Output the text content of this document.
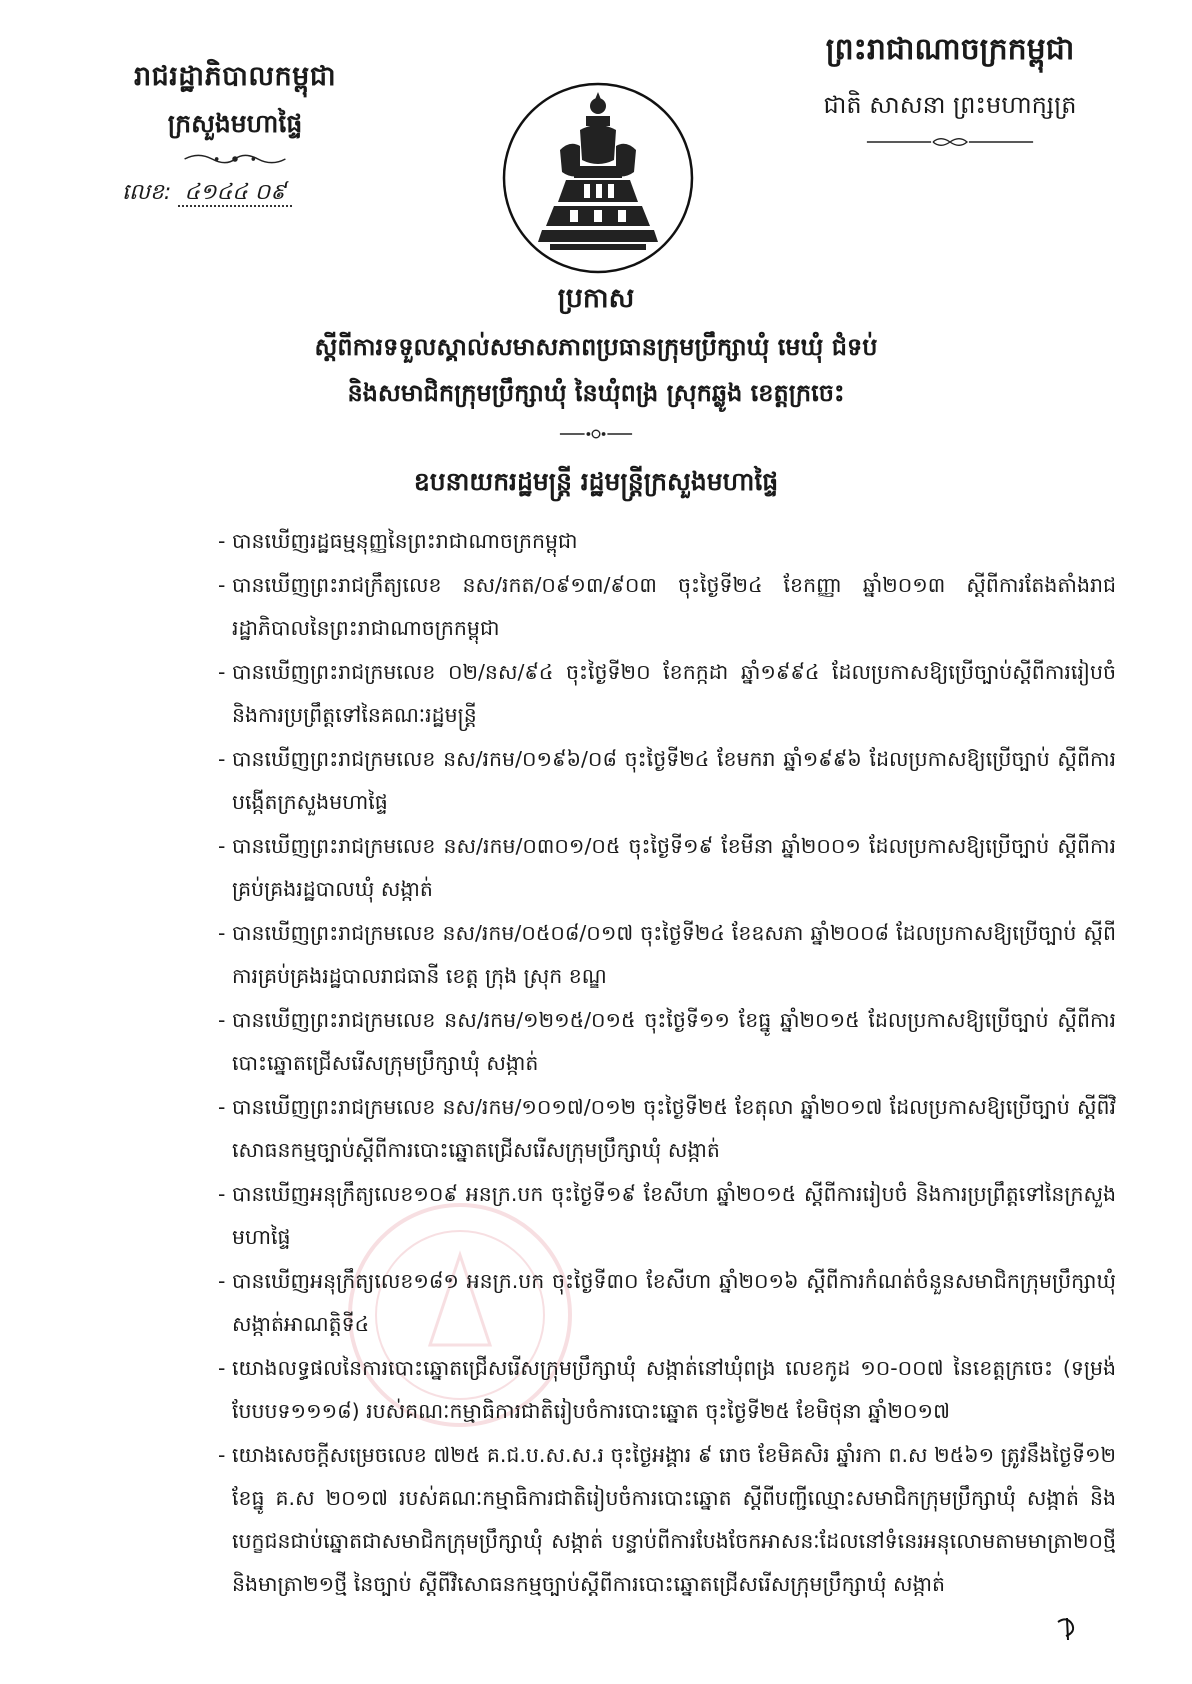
រាជរដ្ឋាភិបាលកម្ពុជា
ក្រសួងមហាផ្ទៃ
លេខ: ៤១៤៤ ០៩
ព្រះរាជាណាចក្រកម្ពុជា
ជាតិ សាសនា ព្រះមហាក្សត្រ
ប្រកាស
ស្តីពីការទទួលស្គាល់សមាសភាពប្រធានក្រុមប្រឹក្សាឃុំ មេឃុំ ជំទប់
និងសមាជិកក្រុមប្រឹក្សាឃុំ នៃឃុំពង្រ ស្រុកឆ្លូង ខេត្តក្រចេះ
ឧបនាយករដ្ឋមន្ត្រី រដ្ឋមន្ត្រីក្រសួងមហាផ្ទៃ
- បានឃើញរដ្ឋធម្មនុញ្ញនៃព្រះរាជាណាចក្រកម្ពុជា
- បានឃើញព្រះរាជក្រឹត្យលេខ នស/រកត/០៩១៣/៩០៣ ចុះថ្ងៃទី២៤ ខែកញ្ញា ឆ្នាំ២០១៣ ស្តីពីការតែងតាំងរាជរដ្ឋាភិបាលនៃព្រះរាជាណាចក្រកម្ពុជា
- បានឃើញព្រះរាជក្រមលេខ ០២/នស/៩៤ ចុះថ្ងៃទី២០ ខែកក្កដា ឆ្នាំ១៩៩៤ ដែលប្រកាសឱ្យប្រើច្បាប់ស្តីពីការរៀបចំ និងការប្រព្រឹត្តទៅនៃគណៈរដ្ឋមន្ត្រី
- បានឃើញព្រះរាជក្រមលេខ នស/រកម/០១៩៦/០៨ ចុះថ្ងៃទី២៤ ខែមករា ឆ្នាំ១៩៩៦ ដែលប្រកាសឱ្យប្រើច្បាប់ ស្តីពីការបង្កើតក្រសួងមហាផ្ទៃ
- បានឃើញព្រះរាជក្រមលេខ នស/រកម/០៣០១/០៥ ចុះថ្ងៃទី១៩ ខែមីនា ឆ្នាំ២០០១ ដែលប្រកាសឱ្យប្រើច្បាប់ ស្តីពីការគ្រប់គ្រងរដ្ឋបាលឃុំ សង្កាត់
- បានឃើញព្រះរាជក្រមលេខ នស/រកម/០៥០៨/០១៧ ចុះថ្ងៃទី២៤ ខែឧសភា ឆ្នាំ២០០៨ ដែលប្រកាសឱ្យប្រើច្បាប់ ស្តីពីការគ្រប់គ្រងរដ្ឋបាលរាជធានី ខេត្ត ក្រុង ស្រុក ខណ្ឌ
- បានឃើញព្រះរាជក្រមលេខ នស/រកម/១២១៥/០១៥ ចុះថ្ងៃទី១១ ខែធ្នូ ឆ្នាំ២០១៥ ដែលប្រកាសឱ្យប្រើច្បាប់ ស្តីពីការបោះឆ្នោតជ្រើសរើសក្រុមប្រឹក្សាឃុំ សង្កាត់
- បានឃើញព្រះរាជក្រមលេខ នស/រកម/១០១៧/០១២ ចុះថ្ងៃទី២៥ ខែតុលា ឆ្នាំ២០១៧ ដែលប្រកាសឱ្យប្រើច្បាប់ ស្តីពីវិសោធនកម្មច្បាប់ស្តីពីការបោះឆ្នោតជ្រើសរើសក្រុមប្រឹក្សាឃុំ សង្កាត់
- បានឃើញអនុក្រឹត្យលេខ១០៩ អនក្រ.បក ចុះថ្ងៃទី១៩ ខែសីហា ឆ្នាំ២០១៥ ស្តីពីការរៀបចំ និងការប្រព្រឹត្តទៅនៃក្រសួងមហាផ្ទៃ
- បានឃើញអនុក្រឹត្យលេខ១៨១ អនក្រ.បក ចុះថ្ងៃទី៣០ ខែសីហា ឆ្នាំ២០១៦ ស្តីពីការកំណត់ចំនួនសមាជិកក្រុមប្រឹក្សាឃុំ សង្កាត់អាណត្តិទី៤
- យោងលទ្ធផលនៃការបោះឆ្នោតជ្រើសរើសក្រុមប្រឹក្សាឃុំ សង្កាត់នៅឃុំពង្រ លេខកូដ ១០-០០៧ នៃខេត្តក្រចេះ (ទម្រង់បែបបទ១១១៨) របស់គណៈកម្មាធិការជាតិរៀបចំការបោះឆ្នោត ចុះថ្ងៃទី២៥ ខែមិថុនា ឆ្នាំ២០១៧
- យោងសេចក្តីសម្រេចលេខ ៧២៥ គ.ជ.ប.ស.ស.រ ចុះថ្ងៃអង្គារ ៩ រោច ខែមិគសិរ ឆ្នាំរកា ព.ស ២៥៦១ ត្រូវនឹងថ្ងៃទី១២ ខែធ្នូ គ.ស ២០១៧ របស់គណៈកម្មាធិការជាតិរៀបចំការបោះឆ្នោត ស្តីពីបញ្ជីឈ្មោះសមាជិកក្រុមប្រឹក្សាឃុំ សង្កាត់ និងបេក្ខជនជាប់ឆ្នោតជាសមាជិកក្រុមប្រឹក្សាឃុំ សង្កាត់ បន្ទាប់ពីការបែងចែកអាសនៈដែលនៅទំនេរអនុលោមតាមមាត្រា២០ថ្មី និងមាត្រា២១ថ្មី នៃច្បាប់ ស្តីពីវិសោធនកម្មច្បាប់ស្តីពីការបោះឆ្នោតជ្រើសរើសក្រុមប្រឹក្សាឃុំ សង្កាត់
